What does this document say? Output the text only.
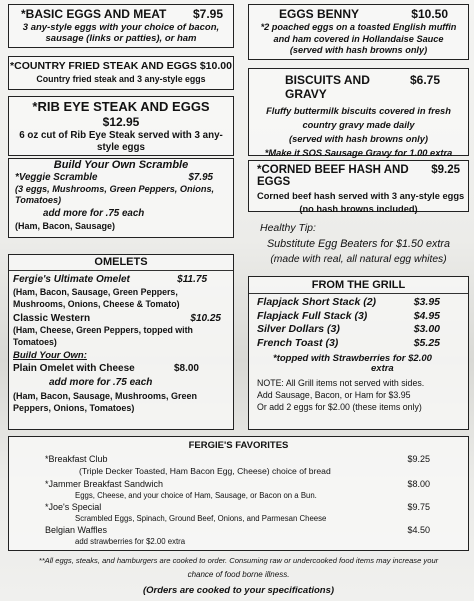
*BASIC EGGS AND MEAT $7.95
3 any-style eggs with your choice of bacon,
sausage (links or patties), or ham
EGGS BENNY	$10.50
*2 poached eggs on a toasted English muffin
and ham covered in Hollandaise Sauce
(served with hash browns only)
*COUNTRY FRIED STEAK AND EGGS $10.00
Country fried steak and 3 any-style eggs	BISCUITS AND GRAVY
$6.75
Fluffy buttermilk biscuits covered in fresh
country gravy made daily
(served with hash browns only)
*Make it SOS Sausage Gravy for 1.00 extra
*RIB EYE STEAK AND EGGS
$12.95
6 oz cut of Rib Eye Steak served with 3 any-
style eggs
Build Your Own Scramble
*Veggie Scramble	$7.95
(3 eggs, Mushrooms, Green Peppers, Onions,
Tomatoes)
add more for .75 each
(Ham, Bacon, Sausage)
*CORNED BEEF HASH AND EGGS
$9.25
Corned beef hash served with 3 any-style eggs
(no hash browns included)
Healthy Tip:
Substitute Egg Beaters for $1.50 extra
(made with real, all natural egg whites)
OMELETS
Fergie's Ultimate Omelet	$11.75
(Ham, Bacon, Sausage, Green Peppers,
Mushrooms, Onions, Cheese & Tomato)
Classic Western	$10.25
(Ham, Cheese, Green Peppers, topped with
Tomatoes)
Build Your Own:
Plain Omelet with Cheese	$8.00
add more for .75 each
(Ham, Bacon, Sausage, Mushrooms, Green
Peppers, Onions, Tomatoes)
FROM THE GRILL
Flapjack Short Stack (2)	$3.95
Flapjack Full Stack (3)	$4.95
Silver Dollars (3)	$3.00
French Toast (3)	$5.25
*topped with Strawberries for $2.00
extra
NOTE: All Grill items not served with sides.
Add Sausage, Bacon, or Ham for $3.95
Or add 2 eggs for $2.00 (these items only)
FERGIE'S FAVORITES
*Breakfast Club	$9.25
(Triple Decker Toasted, Ham Bacon Egg, Cheese) choice of bread
*Jammer Breakfast Sandwich	$8.00
Eggs, Cheese, and your choice of Ham, Sausage, or Bacon on a Bun.
*Joe's Special	$9.75
Scrambled Eggs, Spinach, Ground Beef, Onions, and Parmesan Cheese
Belgian Waffles	$4.50
add strawberries for $2.00 extra
**All eggs, steaks, and hamburgers are cooked to order. Consuming raw or undercooked food items may increase your
chance of food borne illness.
(Orders are cooked to your specifications)
